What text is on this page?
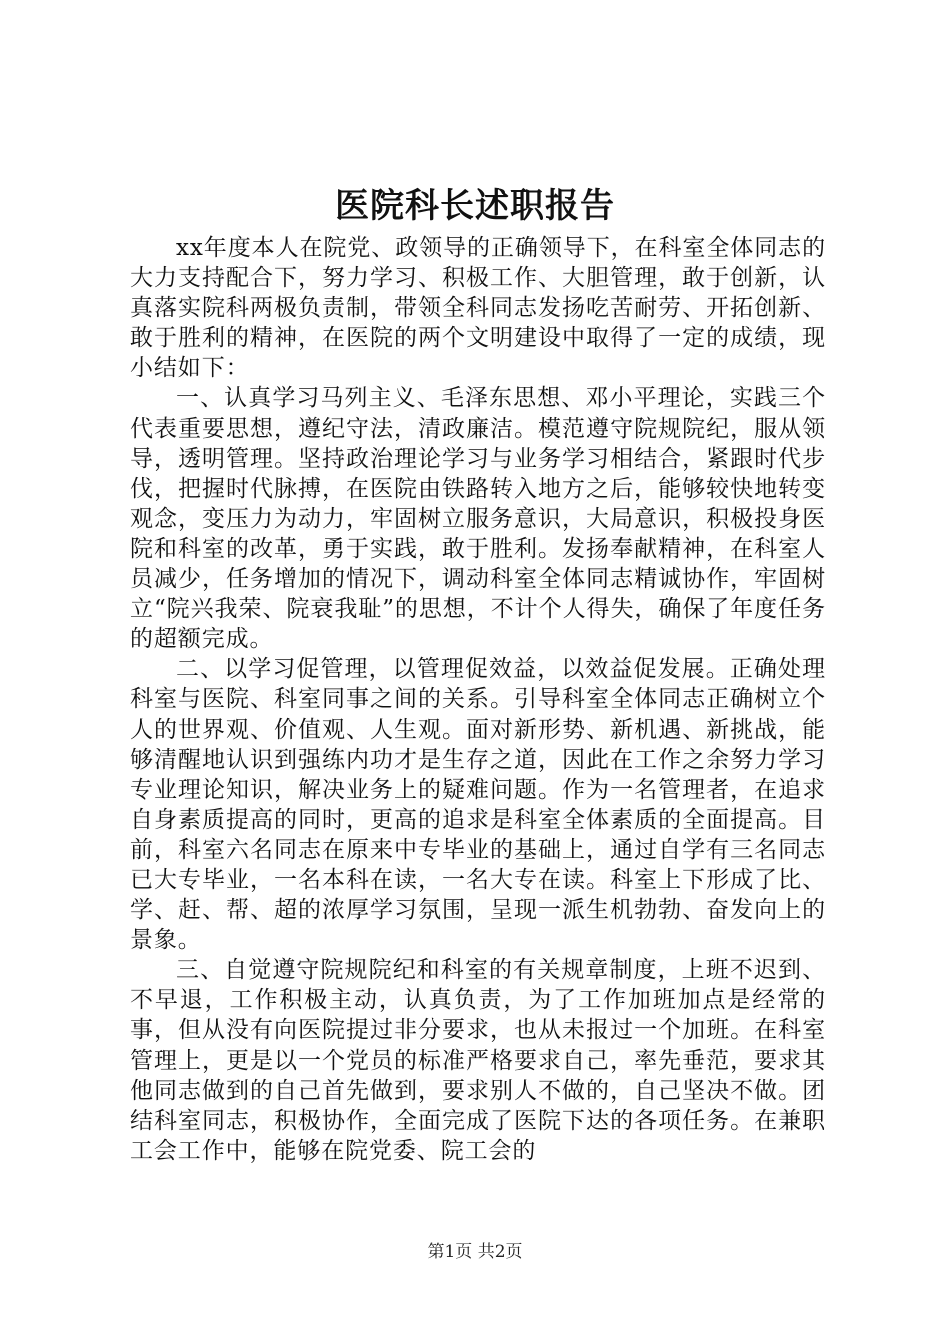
医院科长述职报告

xx年度本人在院党、政领导的正确领导下，在科室全体同志的大力支持配合下，努力学习、积极工作、大胆管理，敢于创新，认真落实院科两极负责制，带领全科同志发扬吃苦耐劳、开拓创新、敢于胜利的精神，在医院的两个文明建设中取得了一定的成绩，现小结如下：

一、认真学习马列主义、毛泽东思想、邓小平理论，实践三个代表重要思想，遵纪守法，清政廉洁。模范遵守院规院纪，服从领导，透明管理。坚持政治理论学习与业务学习相结合，紧跟时代步伐，把握时代脉搏，在医院由铁路转入地方之后，能够较快地转变观念，变压力为动力，牢固树立服务意识，大局意识，积极投身医院和科室的改革，勇于实践，敢于胜利。发扬奉献精神，在科室人员减少，任务增加的情况下，调动科室全体同志精诚协作，牢固树立“院兴我荣、院衰我耻”的思想，不计个人得失，确保了年度任务的超额完成。

二、以学习促管理，以管理促效益，以效益促发展。正确处理科室与医院、科室同事之间的关系。引导科室全体同志正确树立个人的世界观、价值观、人生观。面对新形势、新机遇、新挑战，能够清醒地认识到强练内功才是生存之道，因此在工作之余努力学习专业理论知识，解决业务上的疑难问题。作为一名管理者，在追求自身素质提高的同时，更高的追求是科室全体素质的全面提高。目前，科室六名同志在原来中专毕业的基础上，通过自学有三名同志已大专毕业，一名本科在读，一名大专在读。科室上下形成了比、学、赶、帮、超的浓厚学习氛围，呈现一派生机勃勃、奋发向上的景象。

三、自觉遵守院规院纪和科室的有关规章制度，上班不迟到、不早退，工作积极主动，认真负责，为了工作加班加点是经常的事，但从没有向医院提过非分要求，也从未报过一个加班。在科室管理上，更是以一个党员的标准严格要求自己，率先垂范，要求其他同志做到的自己首先做到，要求别人不做的，自己坚决不做。团结科室同志，积极协作，全面完成了医院下达的各项任务。在兼职工会工作中，能够在院党委、院工会的

第1页 共2页
